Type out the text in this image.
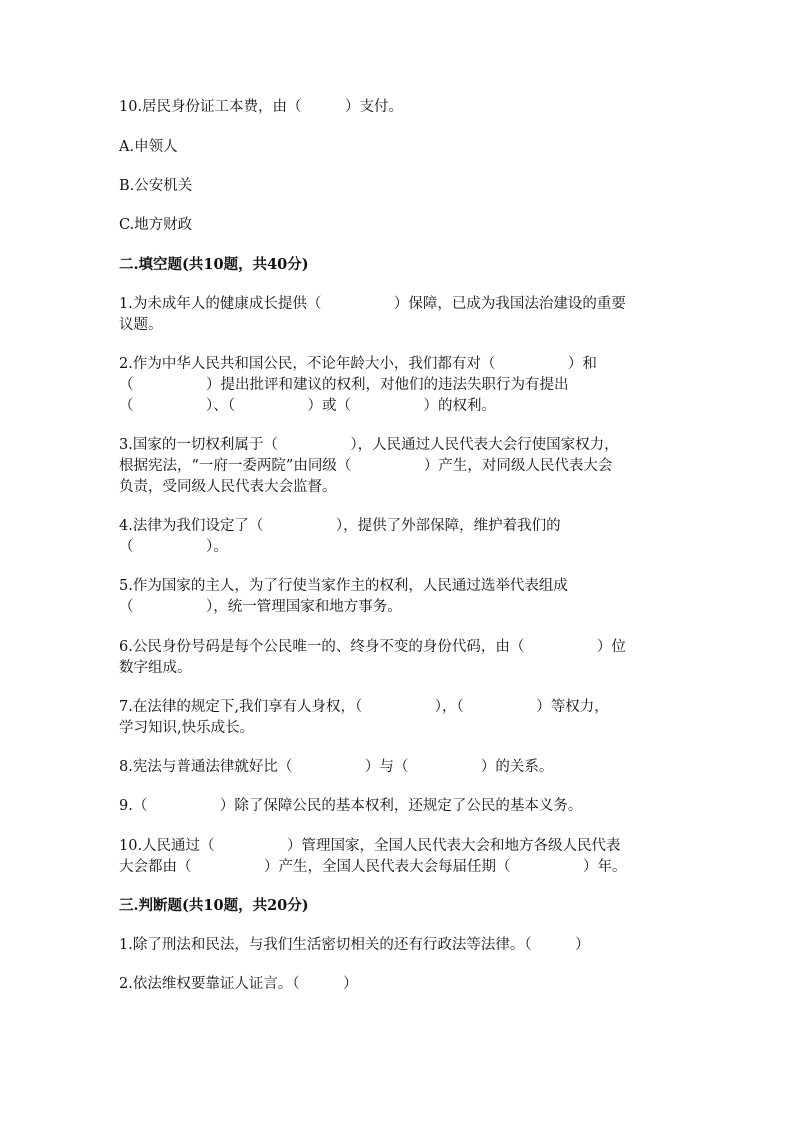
10.居民身份证工本费，由（　　　）支付。
A.申领人
B.公安机关
C.地方财政
二.填空题(共10题，共40分)
1.为未成年人的健康成长提供（　　　　　）保障，已成为我国法治建设的重要
议题。
2.作为中华人民共和国公民，不论年龄大小，我们都有对（　　　　　）和
（　　　　　）提出批评和建议的权利，对他们的违法失职行为有提出
（　　　　　）、（　　　　　）或（　　　　　）的权利。
3.国家的一切权利属于（　　　　　），人民通过人民代表大会行使国家权力，
根据宪法，“一府一委两院”由同级（　　　　　）产生，对同级人民代表大会
负责，受同级人民代表大会监督。
4.法律为我们设定了（　　　　　），提供了外部保障，维护着我们的
（　　　　　）。
5.作为国家的主人，为了行使当家作主的权利，人民通过选举代表组成
（　　　　　），统一管理国家和地方事务。
6.公民身份号码是每个公民唯一的、终身不变的身份代码，由（　　　　　）位
数字组成。
7.在法律的规定下,我们享有人身权，（　　　　　），（　　　　　）等权力，
学习知识,快乐成长。
8.宪法与普通法律就好比（　　　　　）与（　　　　　）的关系。
9.（　　　　　）除了保障公民的基本权利，还规定了公民的基本义务。
10.人民通过（　　　　　）管理国家，全国人民代表大会和地方各级人民代表
大会都由（　　　　　）产生，全国人民代表大会每届任期（　　　　　）年。
三.判断题(共10题，共20分)
1.除了刑法和民法，与我们生活密切相关的还有行政法等法律。（　　　）
2.依法维权要靠证人证言。（　　　）
